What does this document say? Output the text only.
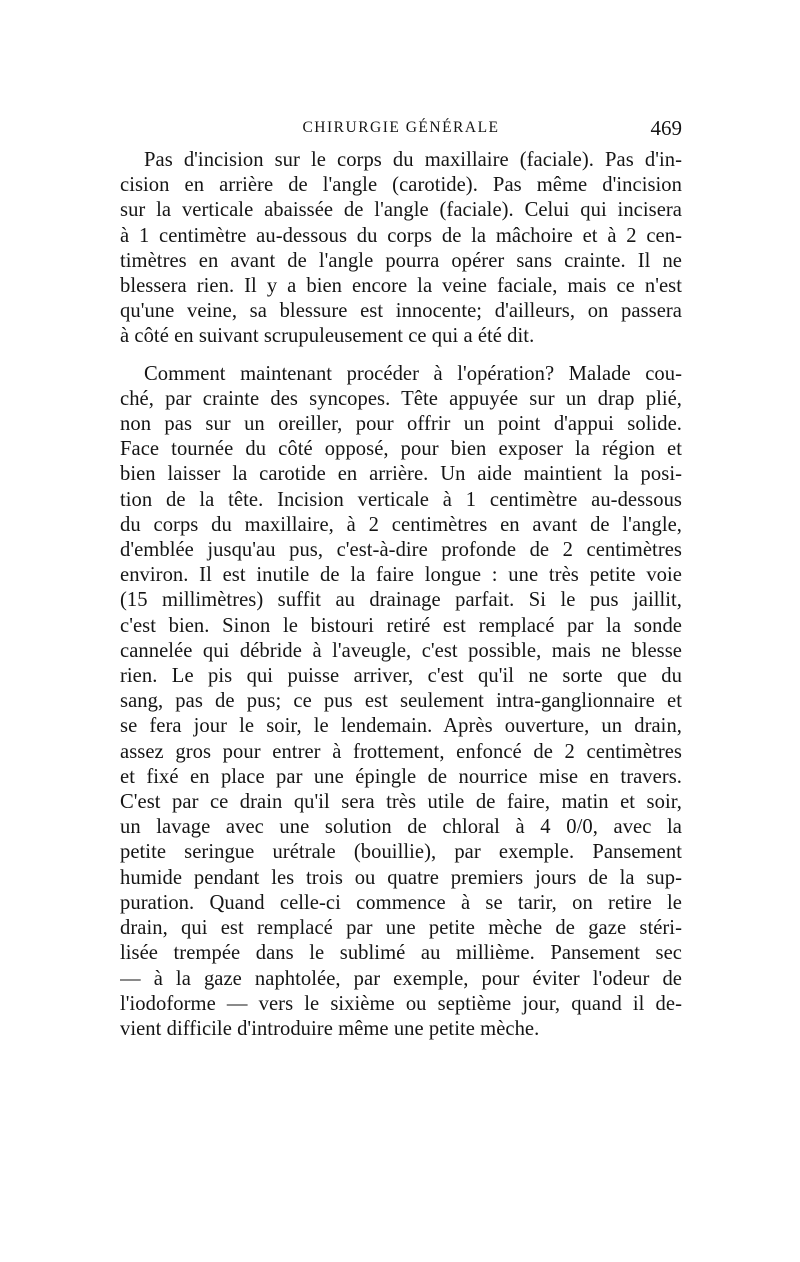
CHIRURGIE GÉNÉRALE	469
Pas d'incision sur le corps du maxillaire (faciale). Pas d'in-
cision en arrière de l'angle (carotide). Pas même d'incision
sur la verticale abaissée de l'angle (faciale). Celui qui incisera
à 1 centimètre au-dessous du corps de la mâchoire et à 2 cen-
timètres en avant de l'angle pourra opérer sans crainte. Il ne
blessera rien. Il y a bien encore la veine faciale, mais ce n'est
qu'une veine, sa blessure est innocente; d'ailleurs, on passera
à côté en suivant scrupuleusement ce qui a été dit.
Comment maintenant procéder à l'opération? Malade cou-
ché, par crainte des syncopes. Tête appuyée sur un drap plié,
non pas sur un oreiller, pour offrir un point d'appui solide.
Face tournée du côté opposé, pour bien exposer la région et
bien laisser la carotide en arrière. Un aide maintient la posi-
tion de la tête. Incision verticale à 1 centimètre au-dessous
du corps du maxillaire, à 2 centimètres en avant de l'angle,
d'emblée jusqu'au pus, c'est-à-dire profonde de 2 centimètres
environ. Il est inutile de la faire longue : une très petite voie
(15 millimètres) suffit au drainage parfait. Si le pus jaillit,
c'est bien. Sinon le bistouri retiré est remplacé par la sonde
cannelée qui débride à l'aveugle, c'est possible, mais ne blesse
rien. Le pis qui puisse arriver, c'est qu'il ne sorte que du
sang, pas de pus; ce pus est seulement intra-ganglionnaire et
se fera jour le soir, le lendemain. Après ouverture, un drain,
assez gros pour entrer à frottement, enfoncé de 2 centimètres
et fixé en place par une épingle de nourrice mise en travers.
C'est par ce drain qu'il sera très utile de faire, matin et soir,
un lavage avec une solution de chloral à 4 0/0, avec la
petite seringue urétrale (bouillie), par exemple. Pansement
humide pendant les trois ou quatre premiers jours de la sup-
puration. Quand celle-ci commence à se tarir, on retire le
drain, qui est remplacé par une petite mèche de gaze stéri-
lisée trempée dans le sublimé au millième. Pansement sec
— à la gaze naphtolée, par exemple, pour éviter l'odeur de
l'iodoforme — vers le sixième ou septième jour, quand il de-
vient difficile d'introduire même une petite mèche.
